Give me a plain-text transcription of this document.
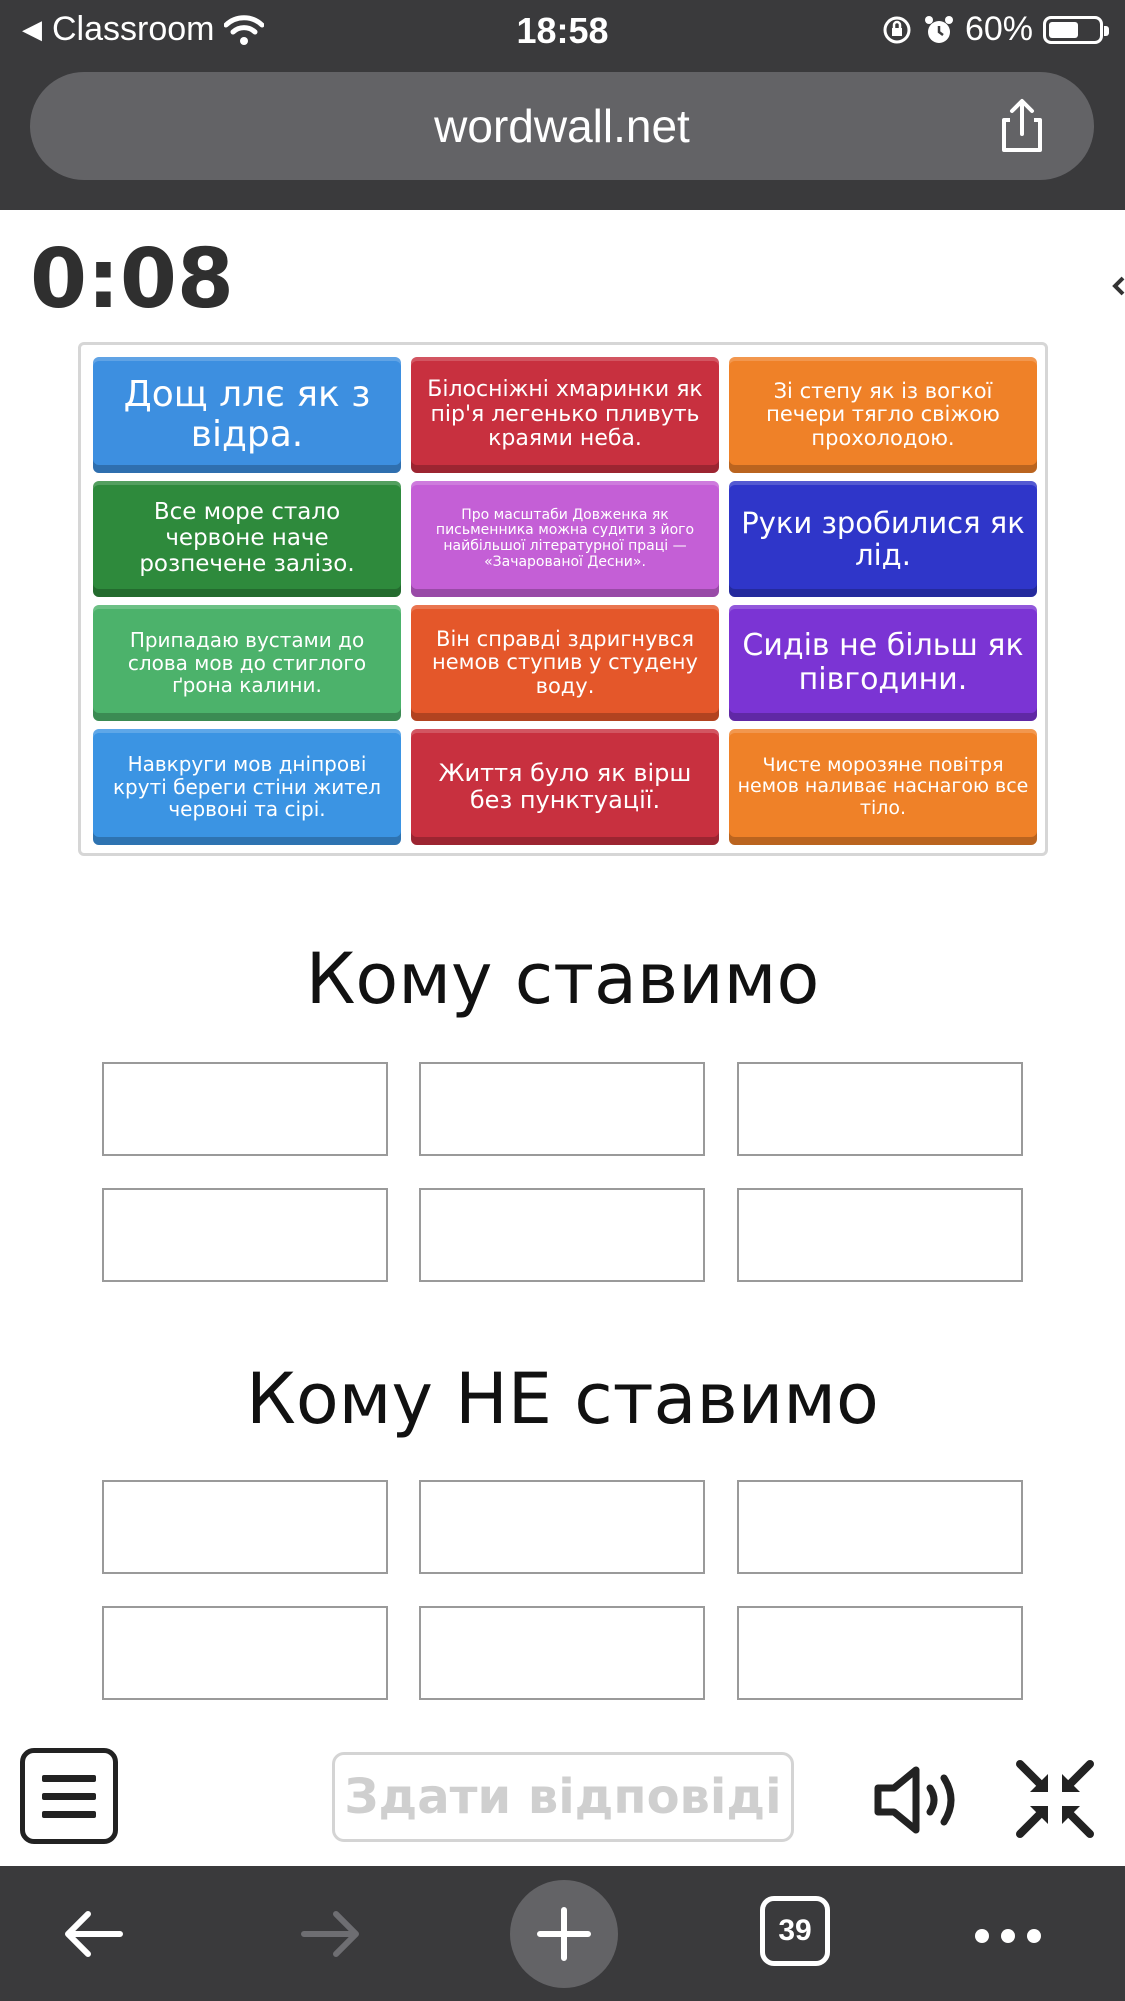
◀ Classroom	18:58	60%
wordwall.net
0:08
Дощ ллє як з відра.
Білосніжні хмаринки як пір'я легенько пливуть краями неба.
Зі степу як із вогкої печери тягло свіжою прохолодою.
Все море стало червоне наче розпечене залізо.
Про масштаби Довженка як письменника можна судити з його найбільшої літературної праці — «Зачарованої Десни».
Руки зробилися як лід.
Припадаю вустами до слова мов до стиглого ґрона калини.
Він справді здригнувся немов ступив у студену воду.
Сидів не більш як півгодини.
Навкруги мов дніпрові круті береги стіни жител червоні та сірі.
Життя було як вірш без пунктуації.
Чисте морозяне повітря немов наливає наснагою все тіло.
Кому ставимо
Кому НЕ ставимо
Здати відповіді
39
